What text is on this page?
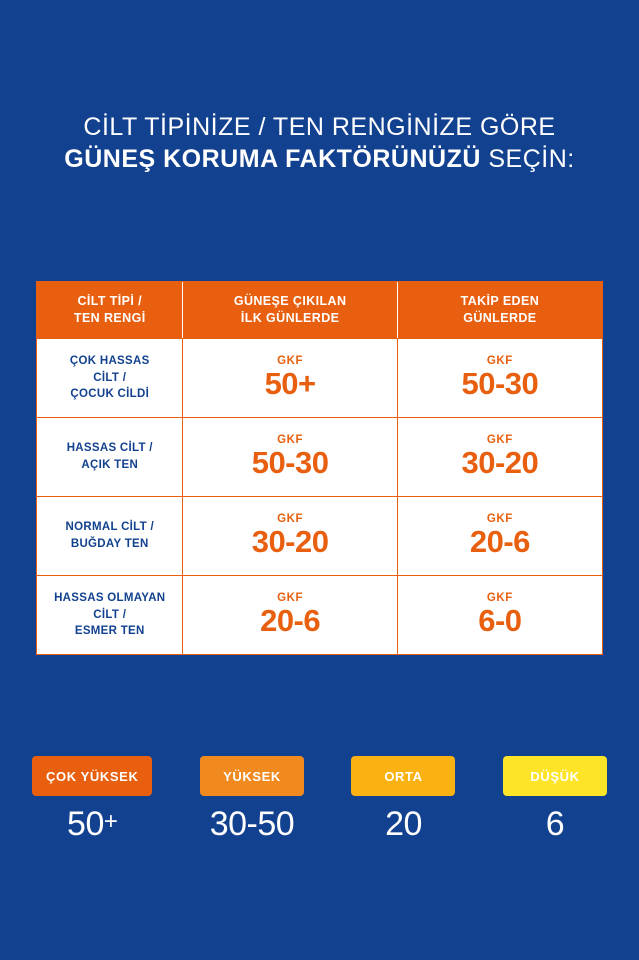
CİLT TİPİNİZE / TEN RENGİNİZE GÖRE
GÜNEŞ KORUMA FAKTÖRÜNÜZÜ SEÇİN:
CİLT TİPİ /
TEN RENGİ
GÜNEŞE ÇIKILAN
İLK GÜNLERDE
TAKİP EDEN
GÜNLERDE
ÇOK HASSAS
CİLT /
ÇOCUK CİLDİ
GKF
50+
GKF
50-30
HASSAS CİLT /
AÇIK TEN
GKF
50-30
GKF
30-20
NORMAL CİLT /
BUĞDAY TEN
GKF
30-20
GKF
20-6
HASSAS OLMAYAN
CİLT /
ESMER TEN
GKF
20-6
GKF
6-0
ÇOK YÜKSEK
50+
YÜKSEK
30-50
ORTA
20
DÜŞÜK
6
